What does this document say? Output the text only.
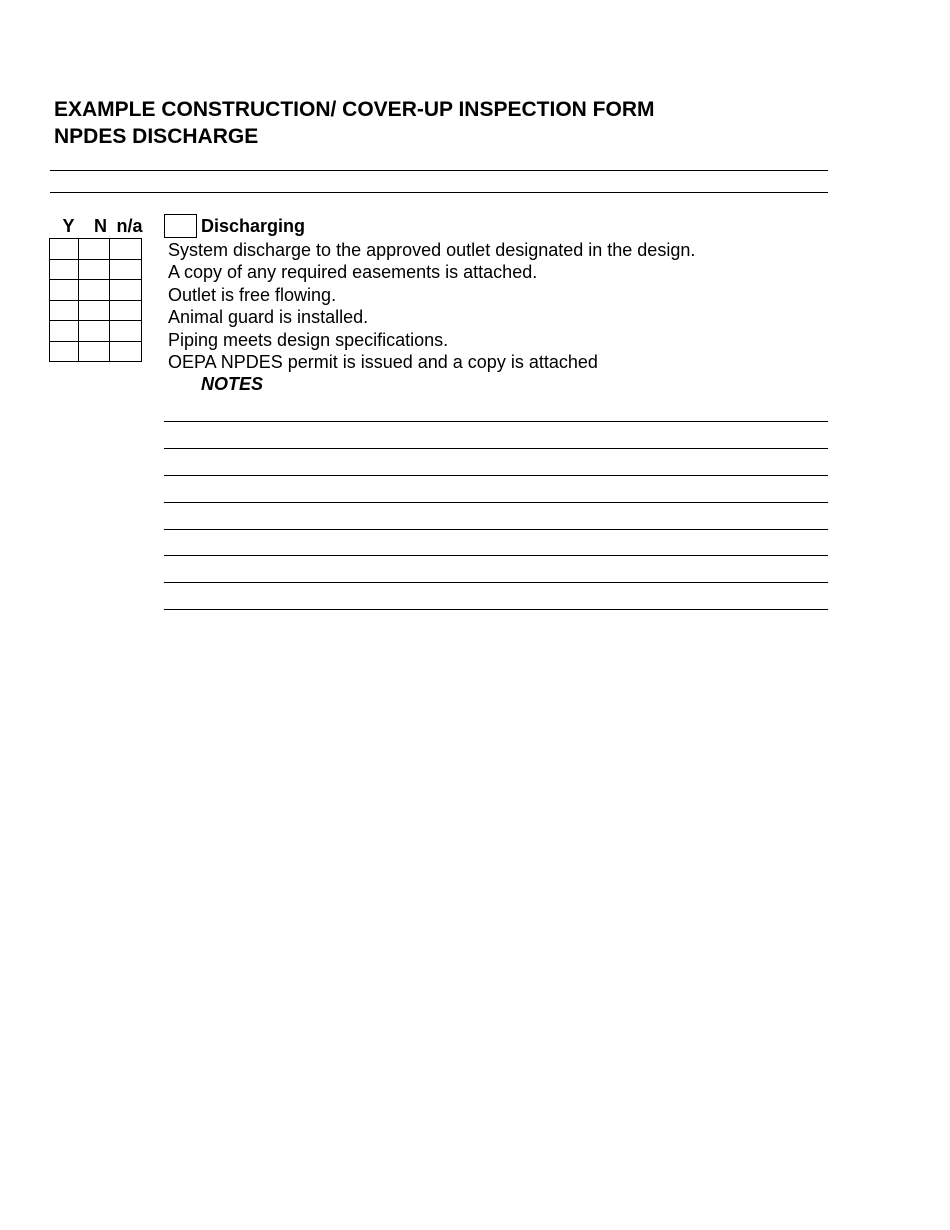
EXAMPLE CONSTRUCTION/ COVER-UP INSPECTION FORM
NPDES DISCHARGE
Y	N n/a

			Discharging
System discharge to the approved outlet designated in the design.
A copy of any required easements is attached.
Outlet is free flowing.
Animal guard is installed.
Piping meets design specifications.
OEPA NPDES permit is issued and a copy is attached
NOTES
